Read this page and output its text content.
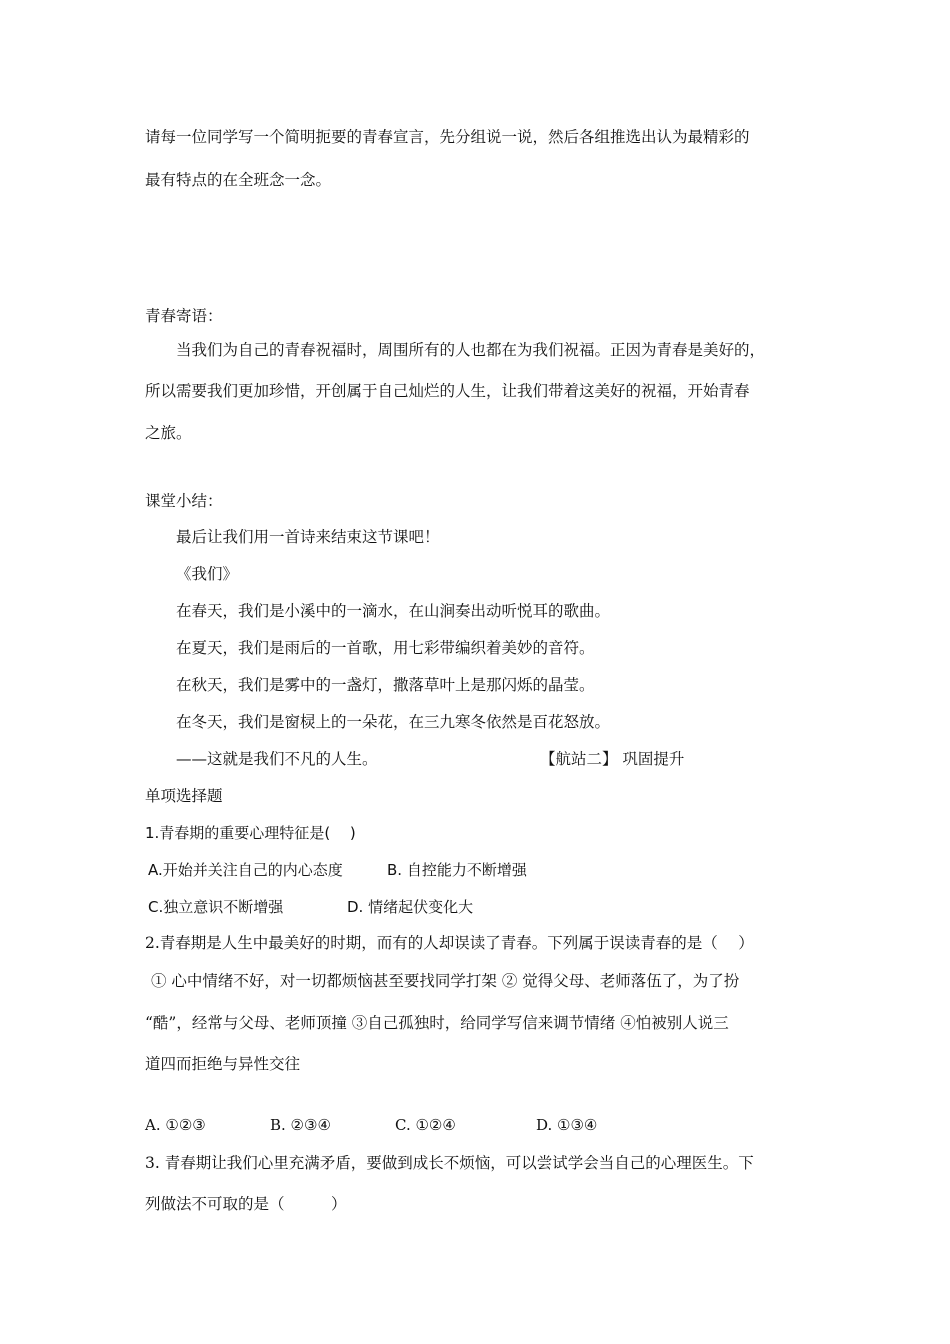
请每一位同学写一个简明扼要的青春宣言，先分组说一说，然后各组推选出认为最精彩的
最有特点的在全班念一念。
青春寄语：
当我们为自己的青春祝福时，周围所有的人也都在为我们祝福。正因为青春是美好的，
所以需要我们更加珍惜，开创属于自己灿烂的人生，让我们带着这美好的祝福，开始青春
之旅。
课堂小结：
最后让我们用一首诗来结束这节课吧！
《我们》
在春天，我们是小溪中的一滴水，在山涧奏出动听悦耳的歌曲。
在夏天，我们是雨后的一首歌，用七彩带编织着美妙的音符。
在秋天，我们是雾中的一盏灯，撒落草叶上是那闪烁的晶莹。
在冬天，我们是窗棂上的一朵花，在三九寒冬依然是百花怒放。
——这就是我们不凡的人生。	【航站二】 巩固提升
单项选择题
1.青春期的重要心理特征是(　 )
A.开始并关注自己的内心态度	B. 自控能力不断增强
C.独立意识不断增强	D. 情绪起伏变化大
2.青春期是人生中最美好的时期，而有的人却误读了青春。下列属于误读青春的是（　 ）
① 心中情绪不好，对一切都烦恼甚至要找同学打架 ② 觉得父母、老师落伍了，为了扮
“酷”，经常与父母、老师顶撞 ③自己孤独时，给同学写信来调节情绪 ④怕被别人说三
道四而拒绝与异性交往
A. ①②③	B. ②③④	C. ①②④	D. ①③④
3. 青春期让我们心里充满矛盾，要做到成长不烦恼，可以尝试学会当自己的心理医生。下
列做法不可取的是（　　　）
